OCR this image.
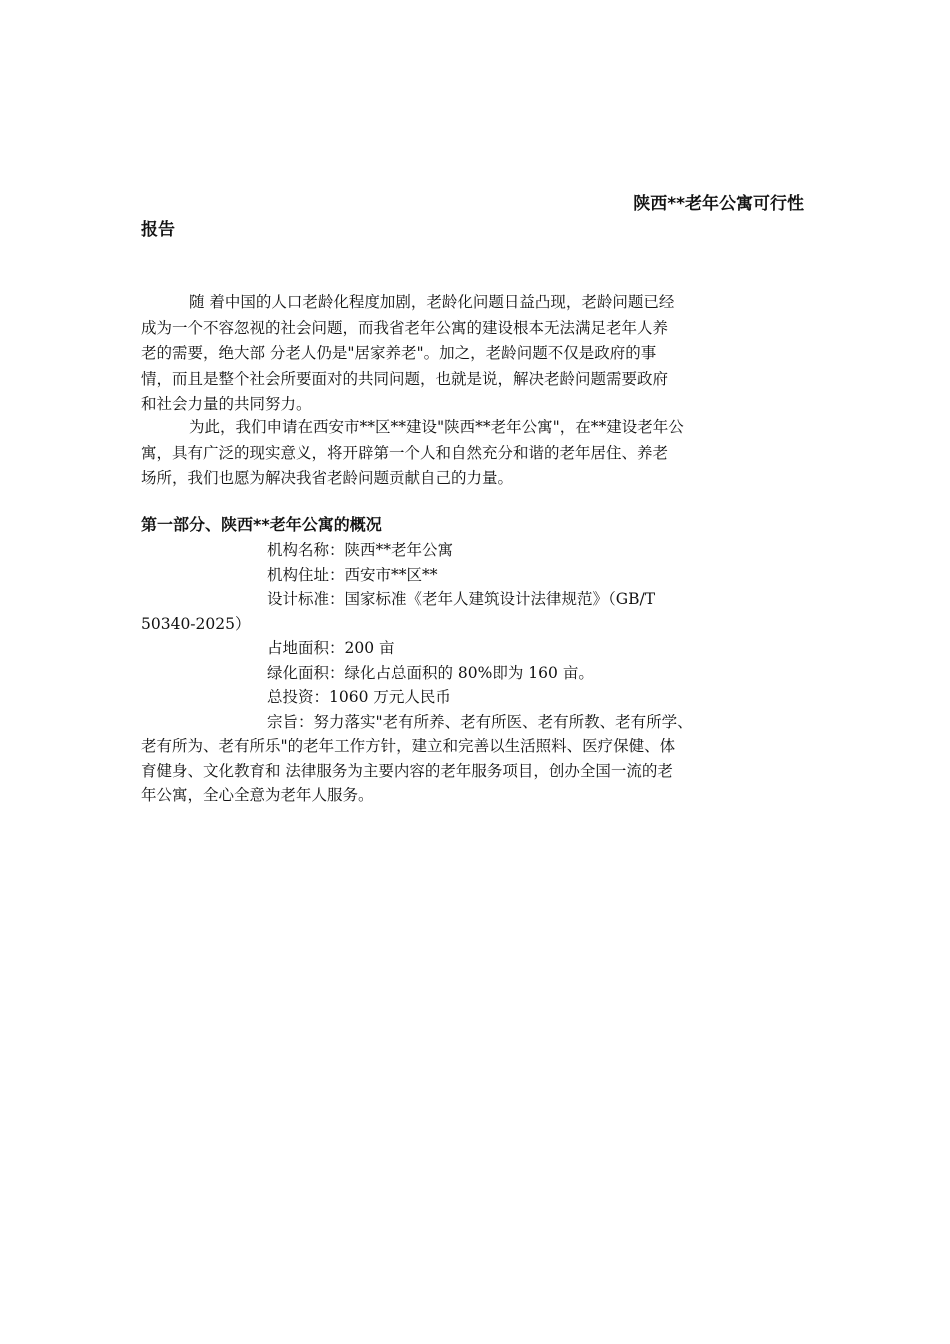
陕西**老年公寓可行性
报告
随 着中国的人口老龄化程度加剧，老龄化问题日益凸现，老龄问题已经
成为一个不容忽视的社会问题，而我省老年公寓的建设根本无法满足老年人养
老的需要，绝大部 分老人仍是"居家养老"。加之，老龄问题不仅是政府的事
情，而且是整个社会所要面对的共同问题，也就是说，解决老龄问题需要政府
和社会力量的共同努力。
为此，我们申请在西安市**区**建设"陕西**老年公寓"，在**建设老年公
寓，具有广泛的现实意义，将开辟第一个人和自然充分和谐的老年居住、养老
场所，我们也愿为解决我省老龄问题贡献自己的力量。
第一部分、陕西**老年公寓的概况
机构名称：陕西**老年公寓
机构住址：西安市**区**
设计标准：国家标准《老年人建筑设计法律规范》（GB/T
50340-2025）
占地面积：200 亩
绿化面积：绿化占总面积的 80%即为 160 亩。
总投资：1060 万元人民币
宗旨：努力落实"老有所养、老有所医、老有所教、老有所学、
老有所为、老有所乐"的老年工作方针，建立和完善以生活照料、医疗保健、体
育健身、文化教育和 法律服务为主要内容的老年服务项目，创办全国一流的老
年公寓，全心全意为老年人服务。
